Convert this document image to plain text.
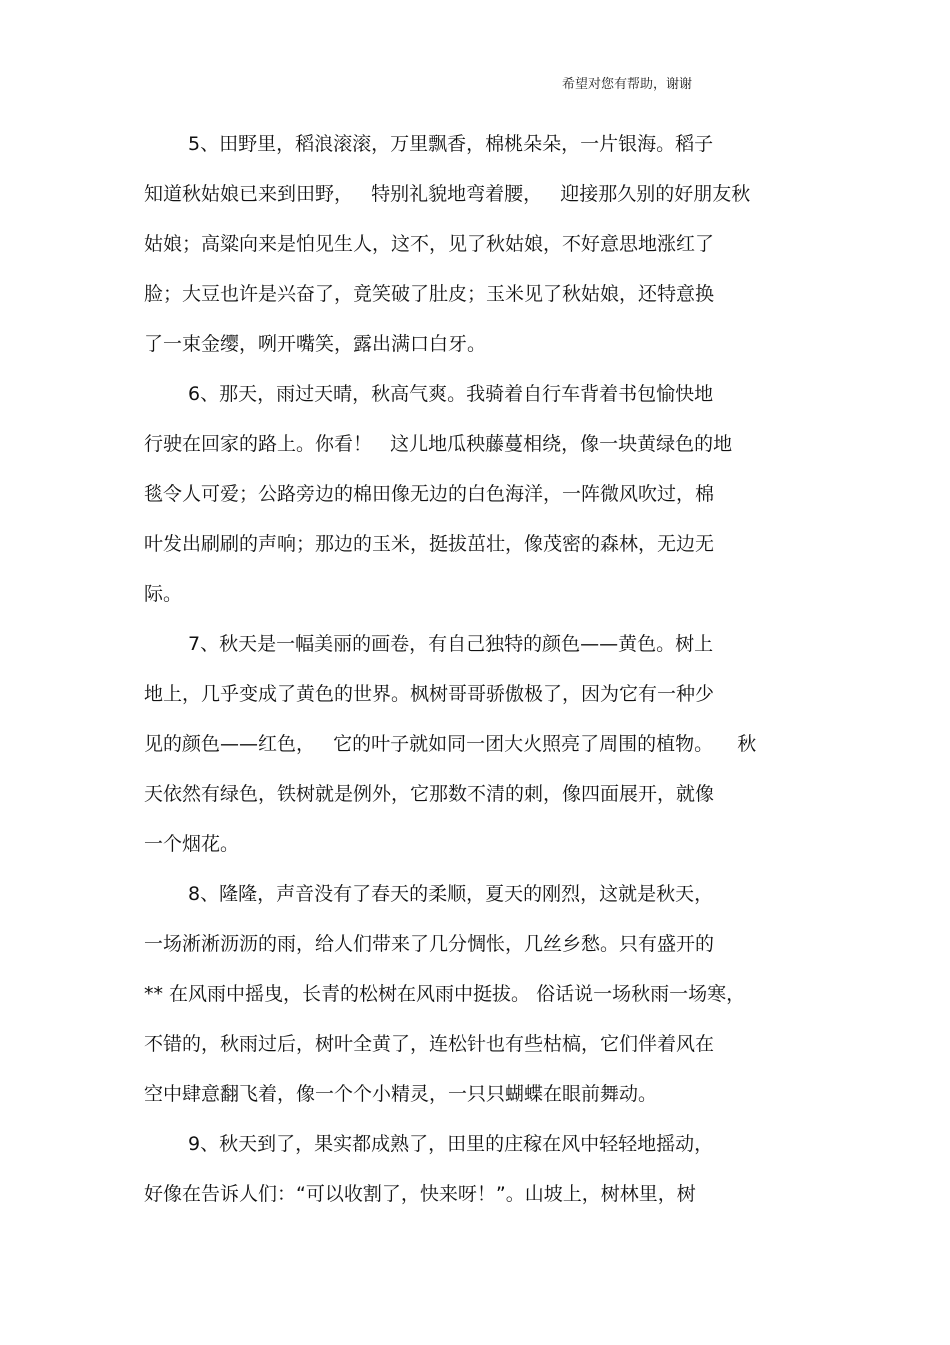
希望对您有帮助，谢谢
5、田野里，稻浪滚滚，万里飘香，棉桃朵朵，一片银海。稻子
知道秋姑娘已来到田野，   特别礼貌地弯着腰，   迎接那久别的好朋友秋
姑娘；高粱向来是怕见生人，这不，见了秋姑娘，不好意思地涨红了
脸；大豆也许是兴奋了，竟笑破了肚皮；玉米见了秋姑娘，还特意换
了一束金缨，咧开嘴笑，露出满口白牙。
6、那天，雨过天晴，秋高气爽。我骑着自行车背着书包愉快地
行驶在回家的路上。你看！   这儿地瓜秧藤蔓相绕，像一块黄绿色的地
毯令人可爱；公路旁边的棉田像无边的白色海洋，一阵微风吹过，棉
叶发出刷刷的声响；那边的玉米，挺拔茁壮，像茂密的森林，无边无
际。
7、秋天是一幅美丽的画卷，有自己独特的颜色——黄色。树上
地上，几乎变成了黄色的世界。枫树哥哥骄傲极了，因为它有一种少
见的颜色——红色，   它的叶子就如同一团大火照亮了周围的植物。    秋
天依然有绿色，铁树就是例外，它那数不清的刺，像四面展开，就像
一个烟花。
8、隆隆，声音没有了春天的柔顺，夏天的刚烈，这就是秋天，
一场淅淅沥沥的雨，给人们带来了几分惆怅，几丝乡愁。只有盛开的
** 在风雨中摇曳，长青的松树在风雨中挺拔。 俗话说一场秋雨一场寒，
不错的，秋雨过后，树叶全黄了，连松针也有些枯槁，它们伴着风在
空中肆意翻飞着，像一个个小精灵，一只只蝴蝶在眼前舞动。
9、秋天到了，果实都成熟了，田里的庄稼在风中轻轻地摇动，
好像在告诉人们：“可以收割了，快来呀！”。山坡上，树林里，树
